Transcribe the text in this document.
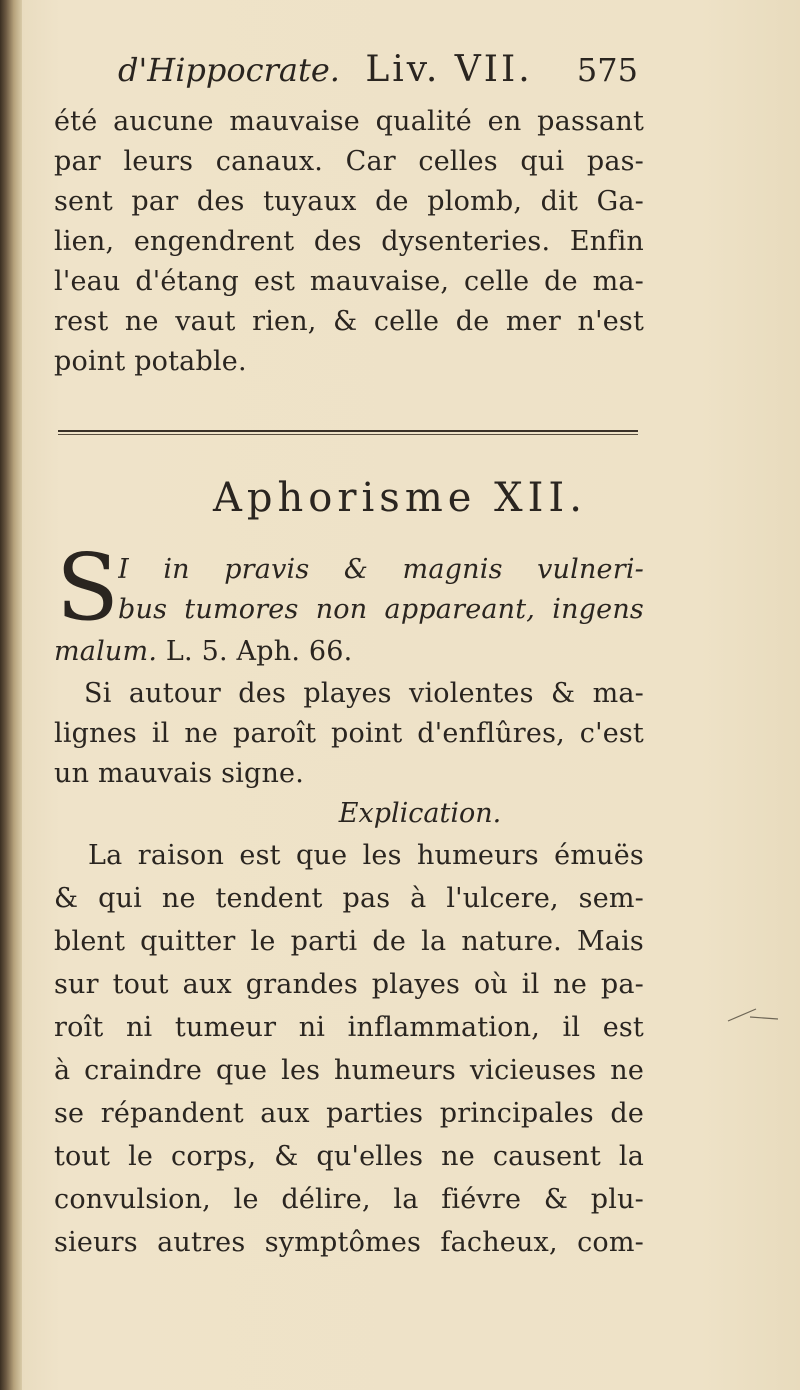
d'Hippocrate. Liv. VII. 575
été aucune mauvaise qualité en passant
par leurs canaux. Car celles qui pas-
sent par des tuyaux de plomb, dit Ga-
lien, engendrent des dysenteries. Enfin
l'eau d'étang est mauvaise, celle de ma-
rest ne vaut rien, & celle de mer n'est
point potable.
Aphorisme XII.
S
I in pravis & magnis vulneri-
bus tumores non appareant, ingens
malum. L. 5. Aph. 66.
Si autour des playes violentes & ma-
lignes il ne paroît point d'enflûres, c'est
un mauvais signe.
Explication.
La raison est que les humeurs émuës
& qui ne tendent pas à l'ulcere, sem-
blent quitter le parti de la nature. Mais
sur tout aux grandes playes où il ne pa-
roît ni tumeur ni inflammation, il est
à craindre que les humeurs vicieuses ne
se répandent aux parties principales de
tout le corps, & qu'elles ne causent la
convulsion, le délire, la fiévre & plu-
sieurs autres symptômes facheux, com-
